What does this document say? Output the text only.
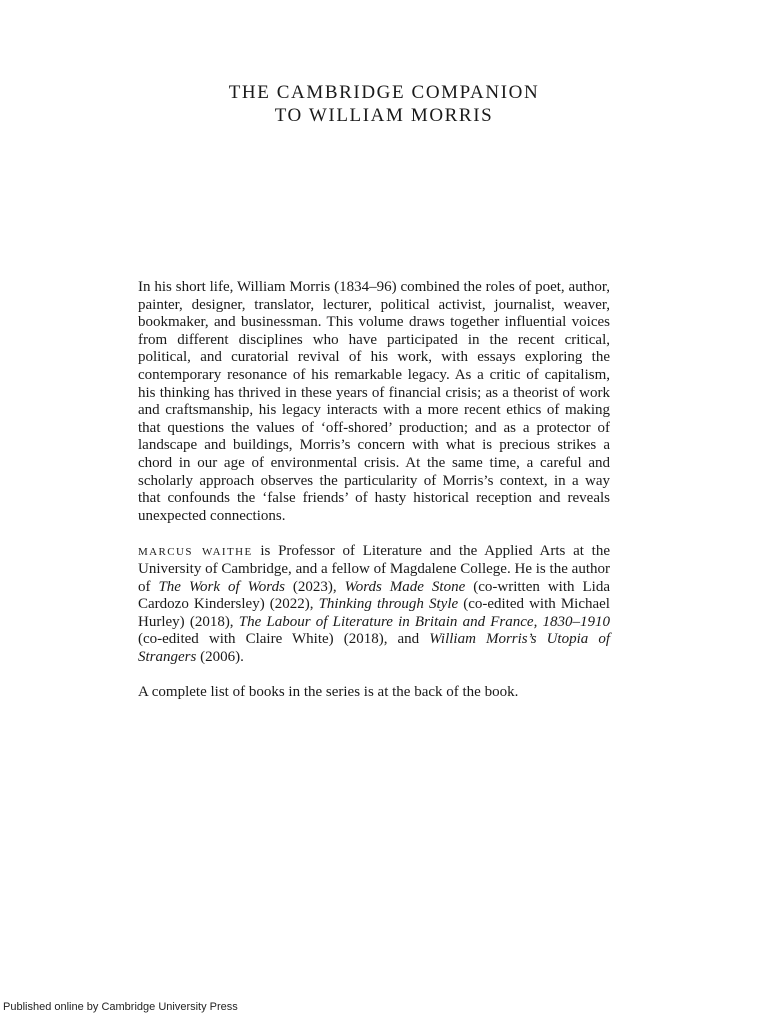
THE CAMBRIDGE COMPANION
TO WILLIAM MORRIS

In his short life, William Morris (1834–96) combined the roles of poet, author, painter, designer, translator, lecturer, political activist, journalist, weaver, bookmaker, and businessman. This volume draws together influential voices from different disciplines who have participated in the recent critical, political, and curatorial revival of his work, with essays exploring the contemporary resonance of his remarkable legacy. As a critic of capitalism, his thinking has thrived in these years of financial crisis; as a theorist of work and craftsmanship, his legacy interacts with a more recent ethics of making that questions the values of ‘off-shored’ production; and as a protector of landscape and buildings, Morris’s concern with what is precious strikes a chord in our age of environmental crisis. At the same time, a careful and scholarly approach observes the particularity of Morris’s context, in a way that confounds the ‘false friends’ of hasty historical reception and reveals unexpected connections.

marcus waithe is Professor of Literature and the Applied Arts at the University of Cambridge, and a fellow of Magdalene College. He is the author of The Work of Words (2023), Words Made Stone (co-written with Lida Cardozo Kindersley) (2022), Thinking through Style (co-edited with Michael Hurley) (2018), The Labour of Literature in Britain and France, 1830–1910 (co-edited with Claire White) (2018), and William Morris’s Utopia of Strangers (2006).

A complete list of books in the series is at the back of the book.

Published online by Cambridge University Press
